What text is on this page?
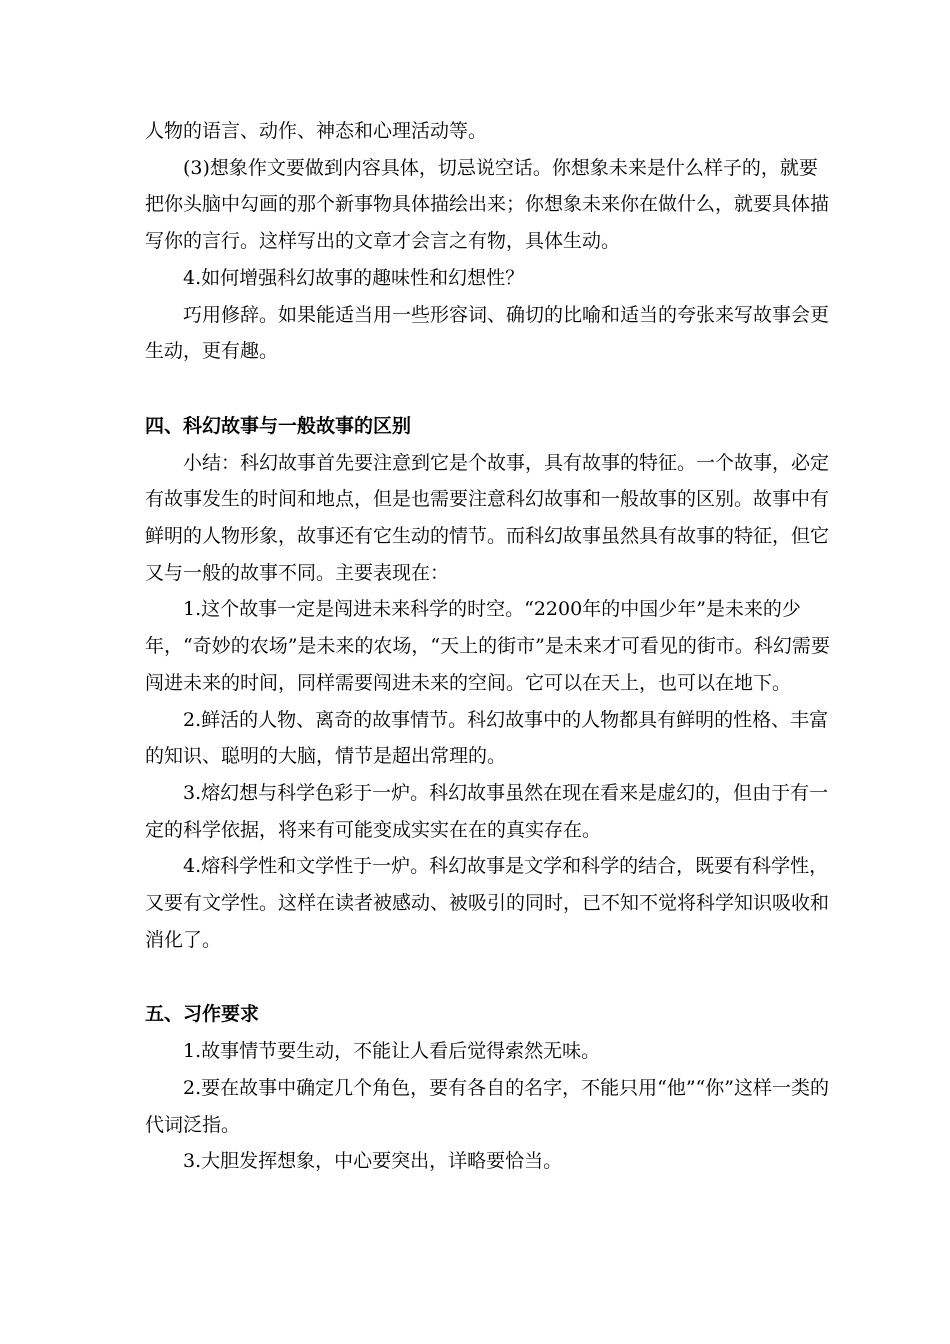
人物的语言、动作、神态和心理活动等。

(3)想象作文要做到内容具体，切忌说空话。你想象未来是什么样子的，就要把你头脑中勾画的那个新事物具体描绘出来；你想象未来你在做什么，就要具体描写你的言行。这样写出的文章才会言之有物，具体生动。

4.如何增强科幻故事的趣味性和幻想性？

巧用修辞。如果能适当用一些形容词、确切的比喻和适当的夸张来写故事会更生动，更有趣。

四、科幻故事与一般故事的区别

小结：科幻故事首先要注意到它是个故事，具有故事的特征。一个故事，必定有故事发生的时间和地点，但是也需要注意科幻故事和一般故事的区别。故事中有鲜明的人物形象，故事还有它生动的情节。而科幻故事虽然具有故事的特征，但它又与一般的故事不同。主要表现在：

1.这个故事一定是闯进未来科学的时空。“2200年的中国少年”是未来的少年，“奇妙的农场”是未来的农场，“天上的街市”是未来才可看见的街市。科幻需要闯进未来的时间，同样需要闯进未来的空间。它可以在天上，也可以在地下。

2.鲜活的人物、离奇的故事情节。科幻故事中的人物都具有鲜明的性格、丰富的知识、聪明的大脑，情节是超出常理的。

3.熔幻想与科学色彩于一炉。科幻故事虽然在现在看来是虚幻的，但由于有一定的科学依据，将来有可能变成实实在在的真实存在。

4.熔科学性和文学性于一炉。科幻故事是文学和科学的结合，既要有科学性，又要有文学性。这样在读者被感动、被吸引的同时，已不知不觉将科学知识吸收和消化了。

五、习作要求

1.故事情节要生动，不能让人看后觉得索然无味。

2.要在故事中确定几个角色，要有各自的名字，不能只用“他”“你”这样一类的代词泛指。

3.大胆发挥想象，中心要突出，详略要恰当。
